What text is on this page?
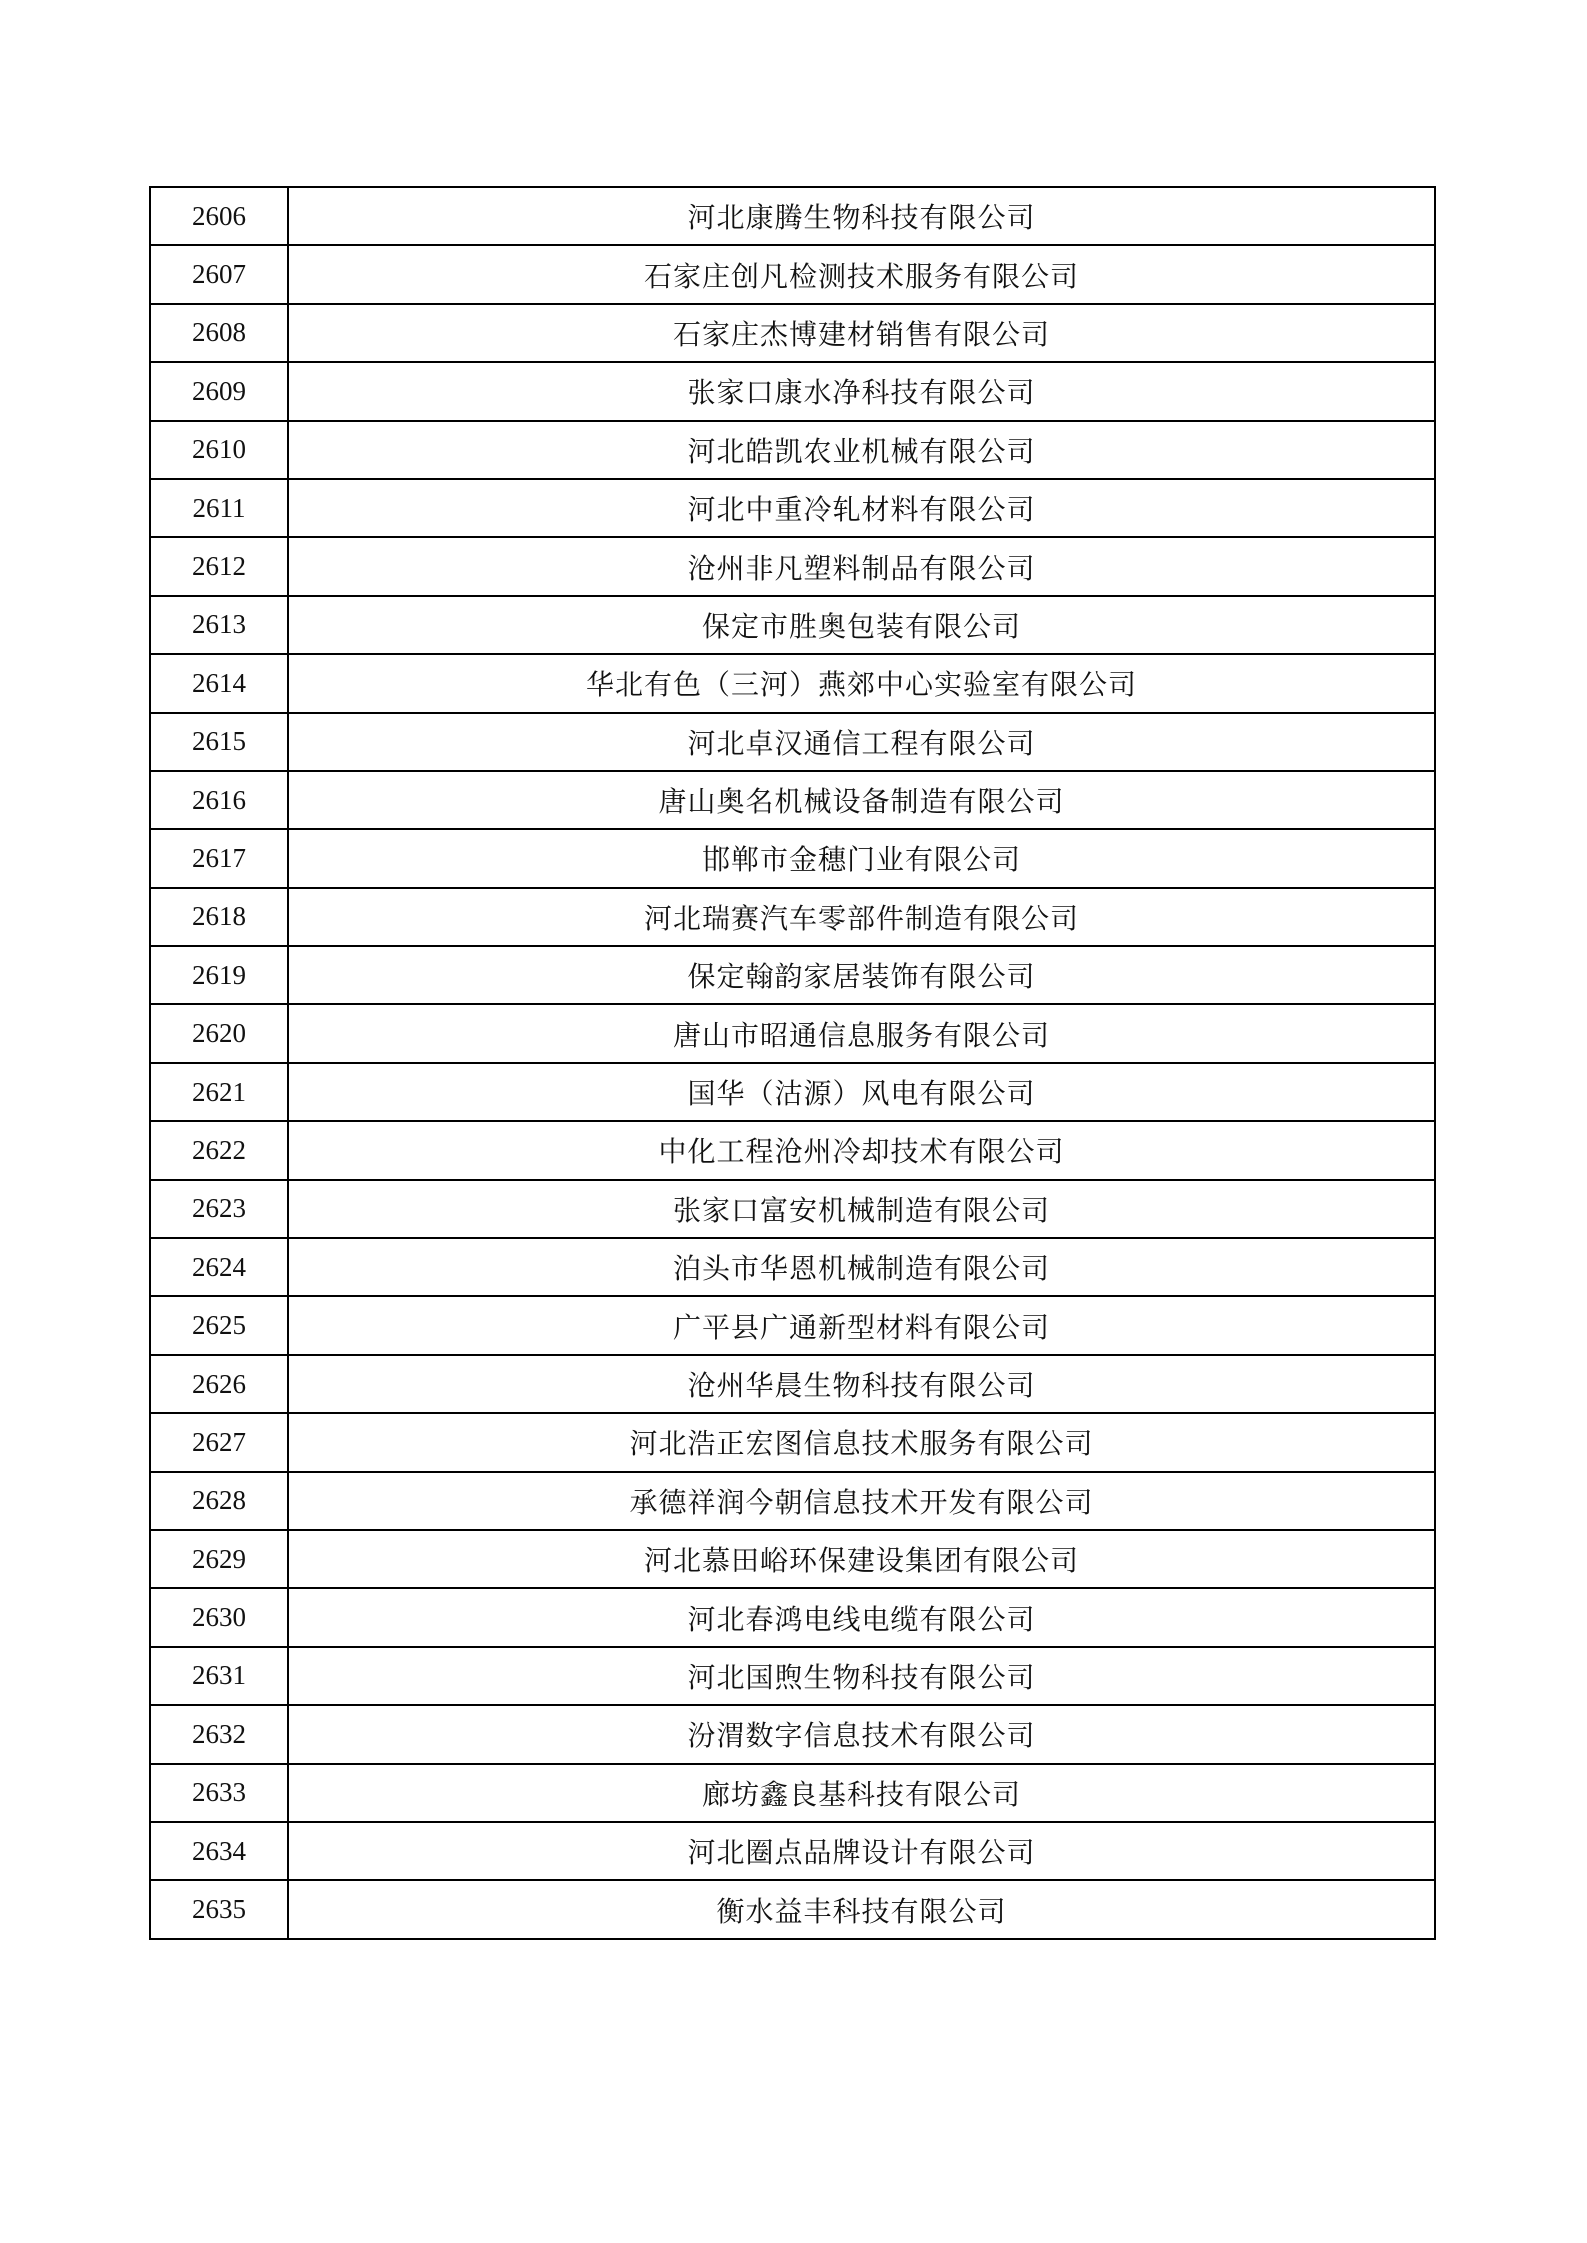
2606	河北康腾生物科技有限公司
2607	石家庄创凡检测技术服务有限公司
2608	石家庄杰博建材销售有限公司
2609	张家口康水净科技有限公司
2610	河北皓凯农业机械有限公司
2611	河北中重冷轧材料有限公司
2612	沧州非凡塑料制品有限公司
2613	保定市胜奥包装有限公司
2614	华北有色（三河）燕郊中心实验室有限公司
2615	河北卓汉通信工程有限公司
2616	唐山奥名机械设备制造有限公司
2617	邯郸市金穗门业有限公司
2618	河北瑞赛汽车零部件制造有限公司
2619	保定翰韵家居装饰有限公司
2620	唐山市昭通信息服务有限公司
2621	国华（沽源）风电有限公司
2622	中化工程沧州冷却技术有限公司
2623	张家口富安机械制造有限公司
2624	泊头市华恩机械制造有限公司
2625	广平县广通新型材料有限公司
2626	沧州华晨生物科技有限公司
2627	河北浩正宏图信息技术服务有限公司
2628	承德祥润今朝信息技术开发有限公司
2629	河北慕田峪环保建设集团有限公司
2630	河北春鸿电线电缆有限公司
2631	河北国煦生物科技有限公司
2632	汾渭数字信息技术有限公司
2633	廊坊鑫良基科技有限公司
2634	河北圈点品牌设计有限公司
2635	衡水益丰科技有限公司
